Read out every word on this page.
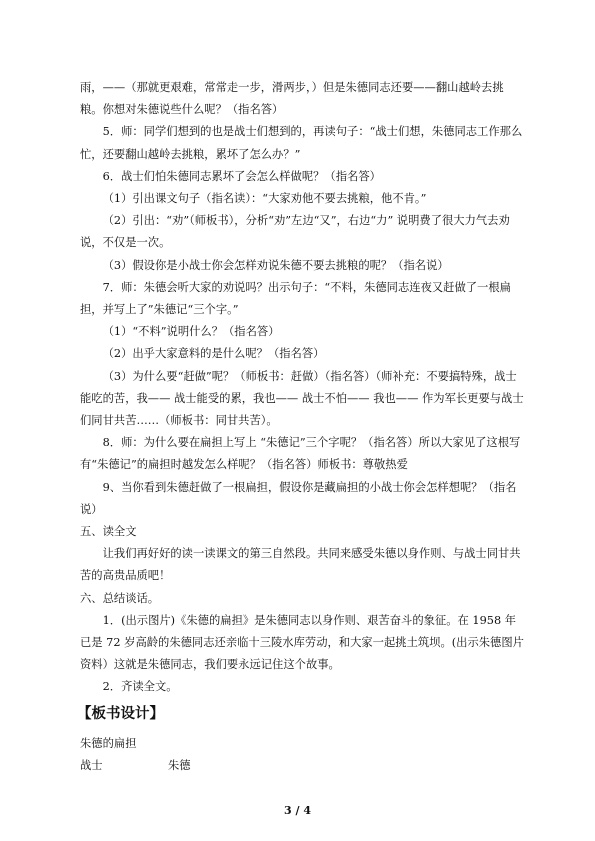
雨，——（那就更艰难，常常走一步，滑两步，）但是朱德同志还要——翻山越岭去挑粮。你想对朱德说些什么呢？（指名答）

5．师：同学们想到的也是战士们想到的，再读句子：“战士们想，朱德同志工作那么忙，还要翻山越岭去挑粮，累坏了怎么办？”

6．战士们怕朱德同志累坏了会怎么样做呢？（指名答）

（1）引出课文句子（指名读）：“大家劝他不要去挑粮，他不肯。”

（2）引出：“劝”（师板书），分析“劝”左边“又”，右边“力” 说明费了很大力气去劝说，不仅是一次。

（3）假设你是小战士你会怎样劝说朱德不要去挑粮的呢？（指名说）

7．师：朱德会听大家的劝说吗？出示句子：“不料，朱德同志连夜又赶做了一根扁担，并写上了”朱德记“三个字。”

（1）“不料”说明什么？（指名答）

（2）出乎大家意料的是什么呢？（指名答）

（3）为什么要“赶做”呢？（师板书：赶做）（指名答）（师补充：不要搞特殊，战士能吃的苦，我—— 战士能受的累，我也—— 战士不怕—— 我也—— 作为军长更要与战士们同甘共苦……（师板书：同甘共苦）。

8．师：为什么要在扁担上写上 “朱德记”三个字呢？（指名答）所以大家见了这根写有“朱德记”的扁担时越发怎么样呢？（指名答）师板书：尊敬热爱

9、当你看到朱德赶做了一根扁担，假设你是藏扁担的小战士你会怎样想呢？（指名说）

五、读全文

让我们再好好的读一读课文的第三自然段。共同来感受朱德以身作则、与战士同甘共苦的高贵品质吧！

六、总结谈话。

1．(出示图片)《朱德的扁担》是朱德同志以身作则、艰苦奋斗的象征。在 1958 年已是 72 岁高龄的朱德同志还亲临十三陵水库劳动，和大家一起挑土筑坝。(出示朱德图片资料）这就是朱德同志，我们要永远记住这个故事。

2．齐读全文。

【板书设计】
朱德的扁担
战士	朱德
3 / 4
